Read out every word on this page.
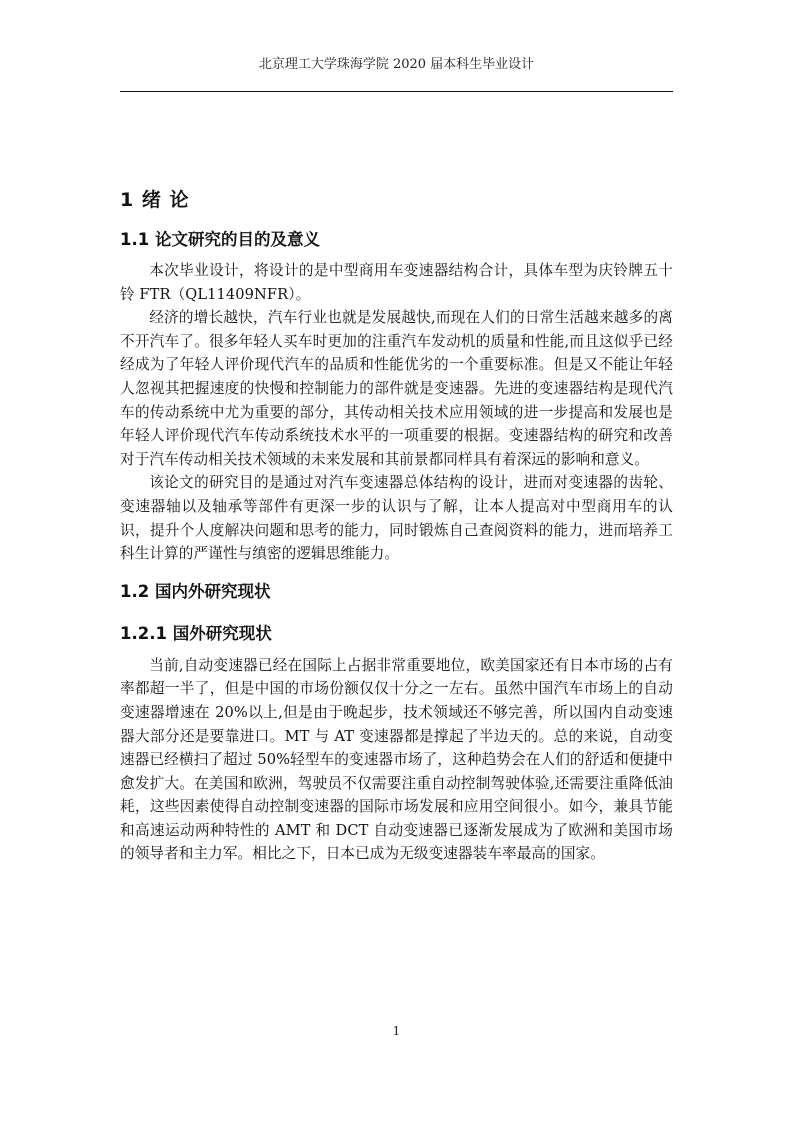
北京理工大学珠海学院 2020 届本科生毕业设计
1 绪 论
1.1 论文研究的目的及意义

本次毕业设计，将设计的是中型商用车变速器结构合计，具体车型为庆铃牌五十铃 FTR（QL11409NFR）。

经济的增长越快，汽车行业也就是发展越快,而现在人们的日常生活越来越多的离不开汽车了。很多年轻人买车时更加的注重汽车发动机的质量和性能,而且这似乎已经经成为了年轻人评价现代汽车的品质和性能优劣的一个重要标准。但是又不能让年轻人忽视其把握速度的快慢和控制能力的部件就是变速器。先进的变速器结构是现代汽车的传动系统中尤为重要的部分，其传动相关技术应用领域的进一步提高和发展也是年轻人评价现代汽车传动系统技术水平的一项重要的根据。变速器结构的研究和改善对于汽车传动相关技术领域的未来发展和其前景都同样具有着深远的影响和意义。

该论文的研究目的是通过对汽车变速器总体结构的设计，进而对变速器的齿轮、变速器轴以及轴承等部件有更深一步的认识与了解，让本人提高对中型商用车的认识，提升个人度解决问题和思考的能力，同时锻炼自己查阅资料的能力，进而培养工科生计算的严谨性与缜密的逻辑思维能力。

1.2 国内外研究现状
1.2.1 国外研究现状

当前,自动变速器已经在国际上占据非常重要地位，欧美国家还有日本市场的占有率都超一半了，但是中国的市场份额仅仅十分之一左右。虽然中国汽车市场上的自动变速器增速在 20%以上,但是由于晚起步，技术领域还不够完善，所以国内自动变速器大部分还是要靠进口。MT 与 AT 变速器都是撑起了半边天的。总的来说，自动变速器已经横扫了超过 50%轻型车的变速器市场了，这种趋势会在人们的舒适和便捷中愈发扩大。在美国和欧洲，驾驶员不仅需要注重自动控制驾驶体验,还需要注重降低油耗，这些因素使得自动控制变速器的国际市场发展和应用空间很小。如今，兼具节能和高速运动两种特性的 AMT 和 DCT 自动变速器已逐渐发展成为了欧洲和美国市场的领导者和主力军。相比之下，日本已成为无级变速器装车率最高的国家。

1
